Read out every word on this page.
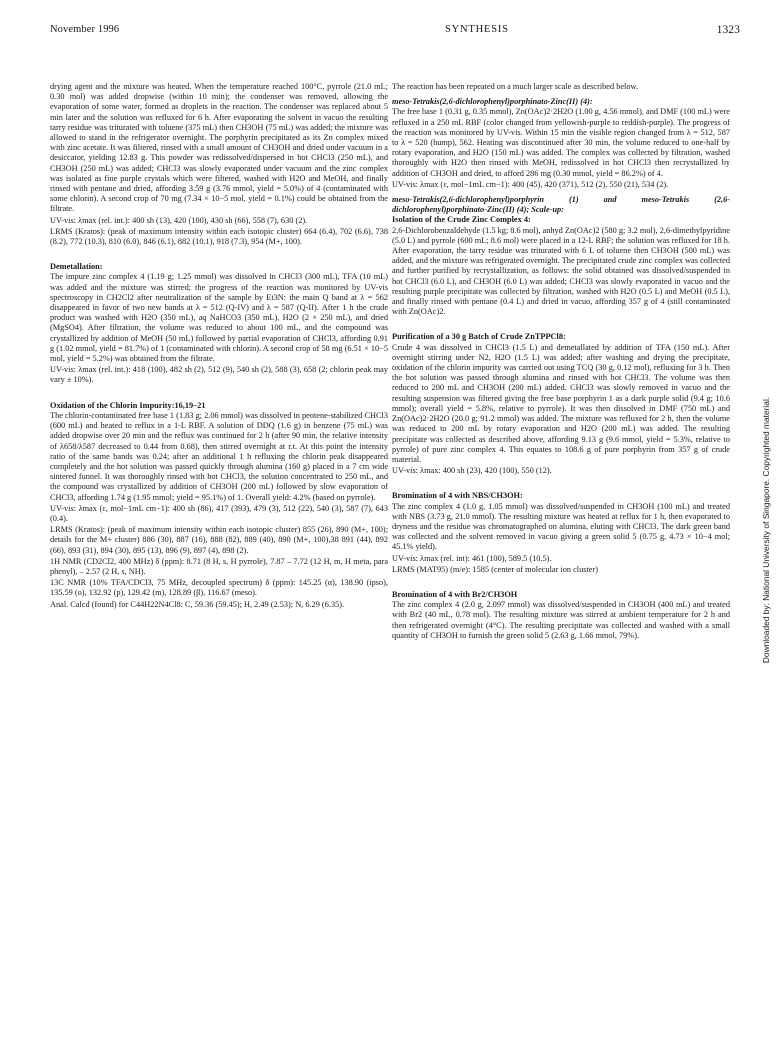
November 1996	SYNTHESIS	1323

drying agent and the mixture was heated. When the temperature reached 100°C, pyrrole (21.0 mL; 0.30 mol) was added dropwise (within 10 min); the condenser was removed, allowing the evaporation of some water, formed as droplets in the reaction. The condenser was replaced about 5 min later and the solution was refluxed for 6 h. After evaporating the solvent in vacuo the resulting tarry residue was triturated with toluene (375 mL) then CH3OH (75 mL) was added; the mixture was allowed to stand in the refrigerator overnight. The porphyrin precipitated as its Zn complex mixed with zinc acetate. It was filtered, rinsed with a small amount of CH3OH and dried under vacuum in a desiccator, yielding 12.83 g. This powder was redissolved/dispersed in hot CHCl3 (250 mL), and CH3OH (250 mL) was added; CHCl3 was slowly evaporated under vacuum and the zinc complex was isolated as fine purple crystals which were filtered, washed with H2O and MeOH, and finally rinsed with pentane and dried, affording 3.59 g (3.76 mmol, yield = 5.0%) of 4 (contaminated with some chlorin). A second crop of 70 mg (7.34 × 10−5 mol, yield = 0.1%) could be obtained from the filtrate.

UV-vis: λmax (rel. int.): 400 sh (13), 420 (100), 430 sh (66), 558 (7), 630 (2).

LRMS (Kratos): (peak of maximum intensity within each isotopic cluster) 664 (6.4), 702 (6.6), 738 (8.2), 772 (10.3), 810 (6.0), 846 (6.1), 882 (10.1), 918 (7.3), 954 (M+, 100).

Demetallation:

The impure zinc complex 4 (1.19 g; 1.25 mmol) was dissolved in CHCl3 (300 mL), TFA (10 mL) was added and the mixture was stirred; the progress of the reaction was monitored by UV-vis spectroscopy in CH2Cl2 after neutralization of the sample by Et3N: the main Q band at λ = 562 disappeared in favor of two new bands at λ = 512 (Q-IV) and λ = 587 (Q-II). After 1 h the crude product was washed with H2O (350 mL), aq NaHCO3 (350 mL), H2O (2 × 250 mL), and dried (MgSO4). After filtration, the volume was reduced to about 100 mL, and the compound was crystallized by addition of MeOH (50 mL) followed by partial evaporation of CHCl3, affording 0.91 g (1.02 mmol, yield = 81.7%) of 1 (contaminated with chlorin). A second crop of 58 mg (6.51 × 10−5 mol, yield = 5.2%) was obtained from the filtrate.

UV-vis: λmax (rel. int.): 418 (100), 482 sh (2), 512 (9), 540 sh (2), 588 (3), 658 (2; chlorin peak may vary ± 10%).

Oxidation of the Chlorin Impurity:16,19–21

The chlorin-contaminated free base 1 (1.83 g; 2.06 mmol) was dissolved in pentene-stabilized CHCl3 (600 mL) and heated to reflux in a 1-L RBF. A solution of DDQ (1.6 g) in benzene (75 mL) was added dropwise over 20 min and the reflux was continued for 2 h (after 90 min, the relative intensity of λ658/λ587 decreased to 0.44 from 0.68), then stirred overnight at r.t. At this point the intensity ratio of the same bands was 0.24; after an additional 1 h refluxing the chlorin peak disappeared completely and the hot solution was passed quickly through alumina (160 g) placed in a 7 cm wide sintered funnel. It was thoroughly rinsed with hot CHCl3, the solution concentrated to 250 mL, and the compound was crystallized by addition of CH3OH (200 mL) followed by slow evaporation of CHCl3, affording 1.74 g (1.95 mmol; yield = 95.1%) of 1. Overall yield: 4.2% (based on pyrrole).

UV-vis: λmax (ε, mol−1mL cm−1): 400 sh (86), 417 (393), 479 (3), 512 (22), 540 (3), 587 (7), 643 (0.4).

LRMS (Kratos): (peak of maximum intensity within each isotopic cluster) 855 (26), 890 (M+, 100); details for the M+ cluster) 886 (30), 887 (16), 888 (82), 889 (40), 890 (M+, 100),38 891 (44), 892 (66), 893 (31), 894 (30), 895 (13), 896 (9), 897 (4), 898 (2).

1H NMR (CD2Cl2, 400 MHz) δ (ppm): 8.71 (8 H, s, H pyrrole), 7.87 – 7.72 (12 H, m, H meta, para phenyl), – 2.57 (2 H, s, NH).

13C NMR (10% TFA/CDCl3, 75 MHz, decoupled spectrum) δ (ppm): 145.25 (α), 138.90 (ipso), 135.59 (o), 132.92 (p), 129.42 (m), 128.89 (β), 116.67 (meso).

Anal. Calcd (found) for C44H22N4Cl8: C, 59.36 (59.45); H, 2.49 (2.53); N, 6.29 (6.35).

The reaction has been repeated on a much larger scale as described below.

meso-Tetrakis(2,6-dichlorophenyl)porphinato-Zinc(II) (4):

The free base 1 (0.31 g, 0.35 mmol), Zn(OAc)2·2H2O (1.00 g, 4.56 mmol), and DMF (100 mL) were refluxed in a 250 mL RBF (color changed from yellowish-purple to reddish-purple). The progress of the reaction was monitored by UV-vis. Within 15 min the visible region changed from λ = 512, 587 to λ = 520 (hump), 562. Heating was discontinued after 30 min, the volume reduced to one-half by rotary evaporation, and H2O (150 mL) was added. The complex was collected by filtration, washed thoroughly with H2O then rinsed with MeOH, redissolved in hot CHCl3 then recrystallized by addition of CH3OH and dried, to afford 286 mg (0.30 mmol, yield = 86.2%) of 4.

UV-vis: λmax (ε, mol−1mL cm−1): 400 (45), 420 (371), 512 (2), 550 (21), 534 (2).

meso-Tetrakis(2,6-dichlorophenyl)porphyrin (1) and meso-Tetrakis (2,6-dichlorophenyl)porphinato-Zinc(II) (4); Scale-up:

Isolation of the Crude Zinc Complex 4:

2,6-Dichlorobenzaldehyde (1.5 kg; 8.6 mol), anhyd Zn(OAc)2 (580 g; 3.2 mol), 2,6-dimethylpyridine (5.0 L) and pyrrole (600 mL; 8.6 mol) were placed in a 12-L RBF; the solution was refluxed for 18 h. After evaporation, the tarry residue was triturated with 6 L of toluene then CH3OH (500 mL) was added, and the mixture was refrigerated overnight. The precipitated crude zinc complex was collected and further purified by recrystallization, as follows: the solid obtained was dissolved/suspended in hot CHCl3 (6.0 L), and CH3OH (6.0 L) was added; CHCl3 was slowly evaporated in vacuo and the resulting purple precipitate was collected by filtration, washed with H2O (0.5 L) and MeOH (0.5 L), and finally rinsed with pentane (0.4 L) and dried in vacuo, affording 357 g of 4 (still contaminated with Zn(OAc)2.

Purification of a 30 g Batch of Crude ZnTPPCl8:

Crude 4 was dissolved in CHCl3 (1.5 L) and demetallated by addition of TFA (150 mL). After overnight stirring under N2, H2O (1.5 L) was added; after washing and drying the precipitate, oxidation of the chlorin impurity was carried out using TCQ (30 g, 0.12 mol), refluxing for 3 h. Then the hot solution was passed through alumina and rinsed with hot CHCl3. The volume was then reduced to 200 mL and CH3OH (200 mL) added. CHCl3 was slowly removed in vacuo and the resulting suspension was filtered giving the free base porphyrin 1 as a dark purple solid (9.4 g; 10.6 mmol); overall yield = 5.8%, relative to pyrrole). It was then dissolved in DMF (750 mL) and Zn(OAc)2·2H2O (20.0 g; 91.2 mmol) was added. The mixture was refluxed for 2 h, then the volume was reduced to 200 mL by rotary evaporation and H2O (200 mL) was added. The resulting precipitate was collected as described above, affording 9.13 g (9.6 mmol, yield = 5.3%, relative to pyrrole) of pure zinc complex 4. This equates to 108.6 g of pure porphyrin from 357 g of crude material.

UV-vis: λmax: 400 sh (23), 420 (100), 550 (12).

Bromination of 4 with NBS/CH3OH:

The zinc complex 4 (1.0 g, 1.05 mmol) was dissolved/suspended in CH3OH (100 mL) and treated with NBS (3.73 g, 21.0 mmol). The resulting mixture was heated at reflux for 1 h, then evaporated to dryness and the residue was chromatographed on alumina, eluting with CHCl3. The dark green band was collected and the solvent removed in vacuo giving a green solid 5 (0.75 g, 4.73 × 10−4 mol; 45.1% yield).

UV-vis: λmax (rel. int): 461 (100), 589.5 (10.5).

LRMS (MAT95) (m/e): 1585 (center of molecular ion cluster)

Bromination of 4 with Br2/CH3OH

The zinc complex 4 (2.0 g, 2.097 mmol) was dissolved/suspended in CH3OH (400 mL) and treated with Br2 (40 mL, 0.78 mol). The resulting mixture was stirred at ambient temperature for 2 h and then refrigerated overnight (4°C). The resulting precipitate was collected and washed with a small quantity of CH3OH to furnish the green solid 5 (2.63 g, 1.66 mmol, 79%).	Downloaded by: National University of Singapore. Copyrighted material.
